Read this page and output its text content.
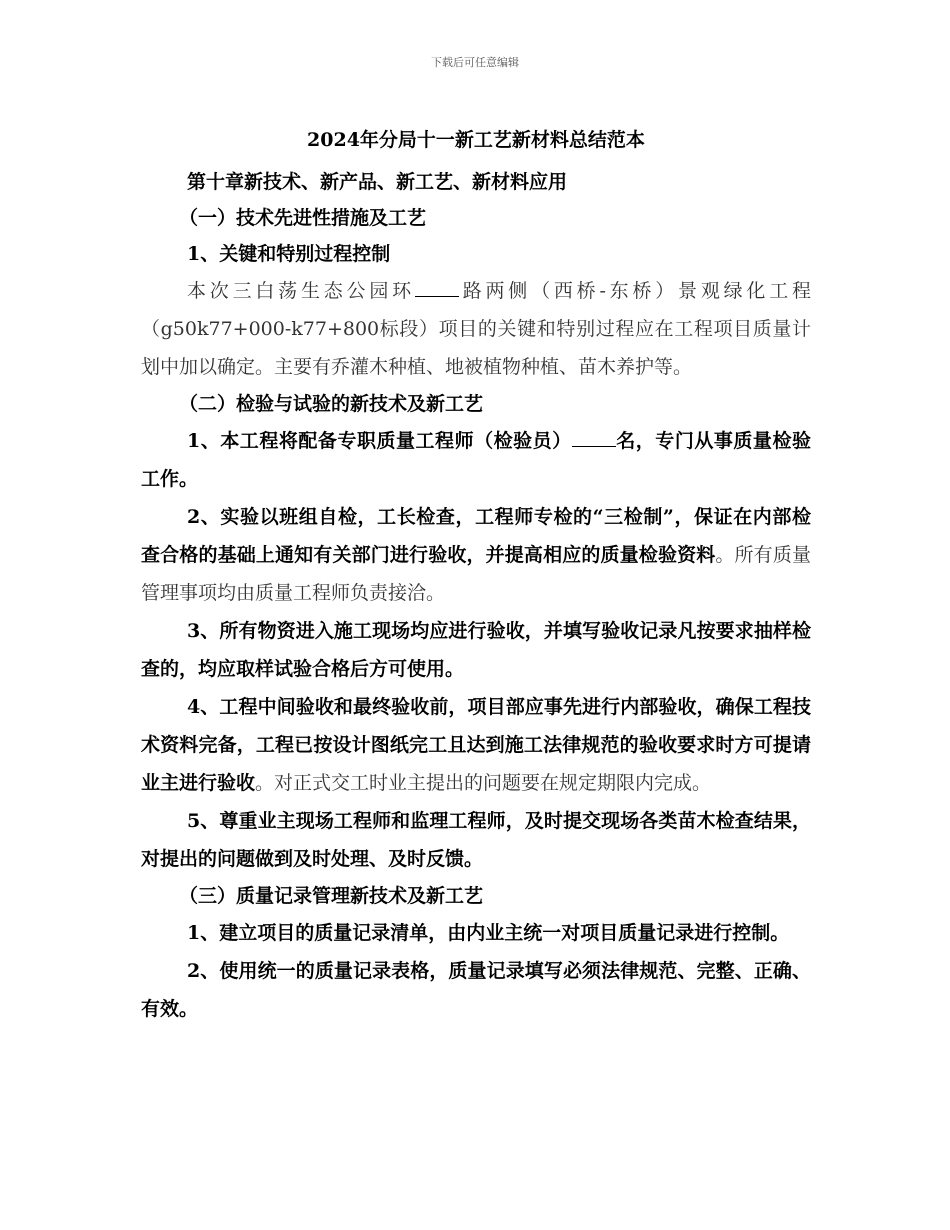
下载后可任意编辑
2024年分局十一新工艺新材料总结范本
第十章新技术、新产品、新工艺、新材料应用
（一）技术先进性措施及工艺
1、关键和特别过程控制

本次三白荡生态公园环 路两侧（西桥-东桥）景观绿化工程（g50k77+000-k77+800标段）项目的关键和特别过程应在工程项目质量计划中加以确定。主要有乔灌木种植、地被植物种植、苗木养护等。

（二）检验与试验的新技术及新工艺

1、本工程将配备专职质量工程师（检验员） 名，专门从事质量检验工作。

2、实验以班组自检，工长检查，工程师专检的“三检制”，保证在内部检查合格的基础上通知有关部门进行验收，并提高相应的质量检验资料。所有质量管理事项均由质量工程师负责接洽。

3、所有物资进入施工现场均应进行验收，并填写验收记录凡按要求抽样检查的，均应取样试验合格后方可使用。

4、工程中间验收和最终验收前，项目部应事先进行内部验收，确保工程技术资料完备，工程已按设计图纸完工且达到施工法律规范的验收要求时方可提请业主进行验收。对正式交工时业主提出的问题要在规定期限内完成。

5、尊重业主现场工程师和监理工程师，及时提交现场各类苗木检查结果，对提出的问题做到及时处理、及时反馈。

（三）质量记录管理新技术及新工艺

1、建立项目的质量记录清单，由内业主统一对项目质量记录进行控制。

2、使用统一的质量记录表格，质量记录填写必须法律规范、完整、正确、有效。
